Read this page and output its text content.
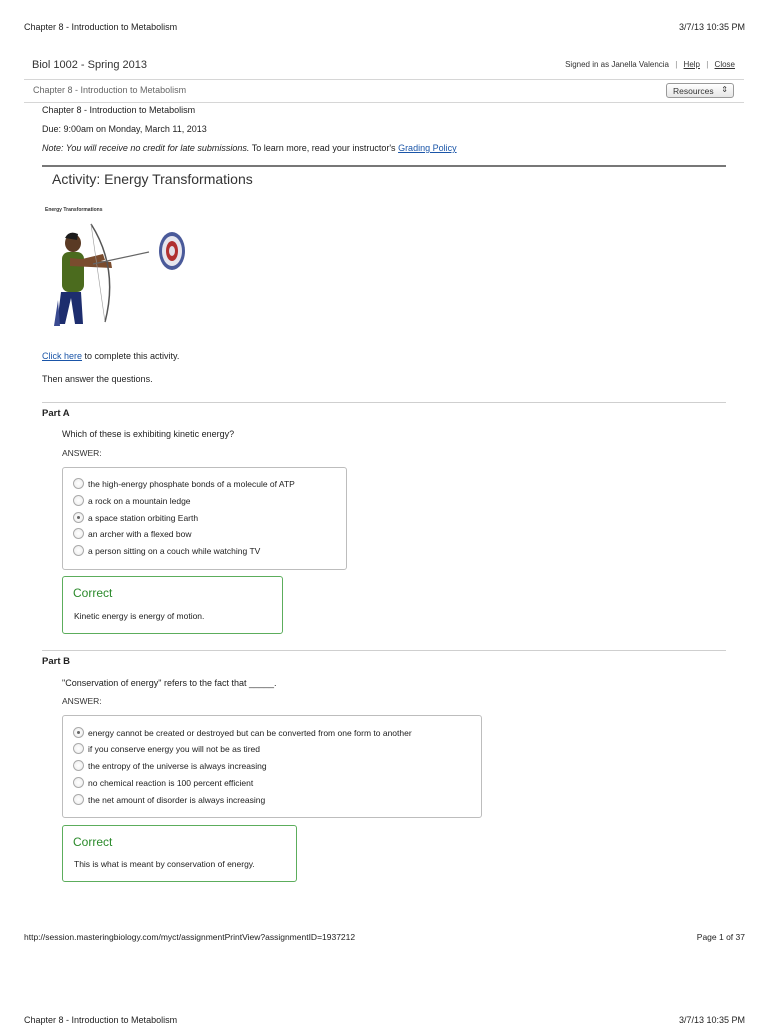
Chapter 8 - Introduction to Metabolism	3/7/13 10:35 PM
Biol 1002 - Spring 2013	Signed in as Janella Valencia | Help | Close
Chapter 8 - Introduction to Metabolism	Resources ⇕
Chapter 8 - Introduction to Metabolism
Due: 9:00am on Monday, March 11, 2013
Note: You will receive no credit for late submissions. To learn more, read your instructor's Grading Policy
Activity: Energy Transformations
Energy Transformations
Click here to complete this activity.
Then answer the questions.
Part A
Which of these is exhibiting kinetic energy?
ANSWER:
the high-energy phosphate bonds of a molecule of ATP
a rock on a mountain ledge
a space station orbiting Earth
an archer with a flexed bow
a person sitting on a couch while watching TV
Correct
Kinetic energy is energy of motion.
Part B
"Conservation of energy" refers to the fact that _____.
ANSWER:
energy cannot be created or destroyed but can be converted from one form to another
if you conserve energy you will not be as tired
the entropy of the universe is always increasing
no chemical reaction is 100 percent efficient
the net amount of disorder is always increasing
Correct
This is what is meant by conservation of energy.
http://session.masteringbiology.com/myct/assignmentPrintView?assignmentID=1937212	Page 1 of 37
Chapter 8 - Introduction to Metabolism	3/7/13 10:35 PM
